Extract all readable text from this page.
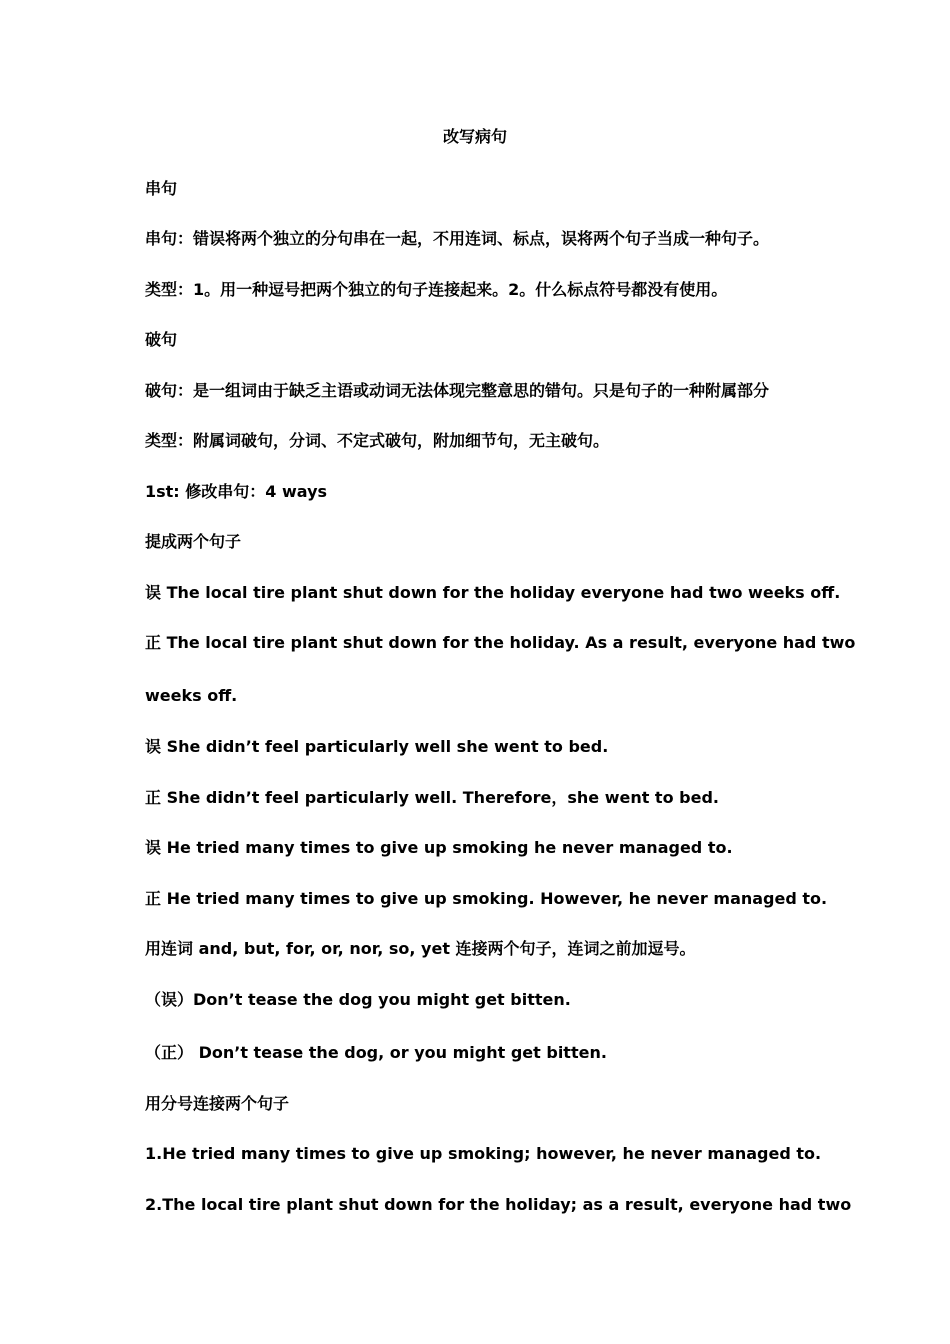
改写病句
串句
串句：错误将两个独立的分句串在一起，不用连词、标点，误将两个句子当成一种句子。
类型：1。用一种逗号把两个独立的句子连接起来。2。什么标点符号都没有使用。
破句
破句：是一组词由于缺乏主语或动词无法体现完整意思的错句。只是句子的一种附属部分
类型：附属词破句，分词、不定式破句，附加细节句，无主破句。
1st: 修改串句：4 ways
提成两个句子
误 The local tire plant shut down for the holiday everyone had two weeks off.
正 The local tire plant shut down for the holiday. As a result, everyone had two
weeks off.
误 She didn’t feel particularly well she went to bed.
正 She didn’t feel particularly well. Therefore，she went to bed.
误 He tried many times to give up smoking he never managed to.
正 He tried many times to give up smoking. However, he never managed to.
用连词 and, but, for, or, nor, so, yet 连接两个句子，连词之前加逗号。
（误）Don’t tease the dog you might get bitten.
（正） Don’t tease the dog, or you might get bitten.
用分号连接两个句子
1.He tried many times to give up smoking; however, he never managed to.
2.The local tire plant shut down for the holiday; as a result, everyone had two
